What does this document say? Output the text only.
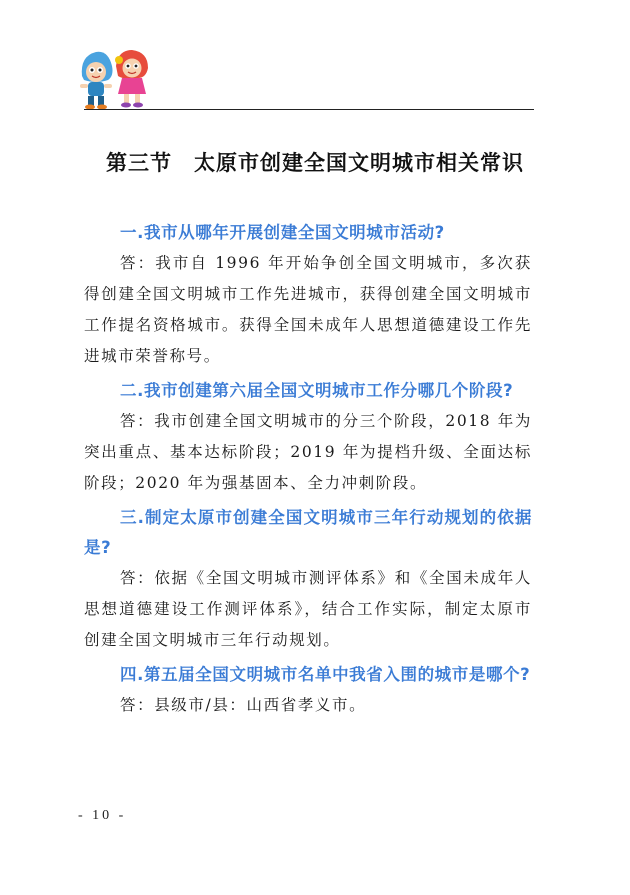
第三节　太原市创建全国文明城市相关常识

一.我市从哪年开展创建全国文明城市活动?

答：我市自 1996 年开始争创全国文明城市，多次获得创建全国文明城市工作先进城市，获得创建全国文明城市工作提名资格城市。获得全国未成年人思想道德建设工作先进城市荣誉称号。

二.我市创建第六届全国文明城市工作分哪几个阶段?

答：我市创建全国文明城市的分三个阶段，2018 年为突出重点、基本达标阶段；2019 年为提档升级、全面达标阶段；2020 年为强基固本、全力冲刺阶段。

三.制定太原市创建全国文明城市三年行动规划的依据是?

答：依据《全国文明城市测评体系》和《全国未成年人思想道德建设工作测评体系》，结合工作实际，制定太原市创建全国文明城市三年行动规划。

四.第五届全国文明城市名单中我省入围的城市是哪个?

答：县级市/县：山西省孝义市。

- 10 -
